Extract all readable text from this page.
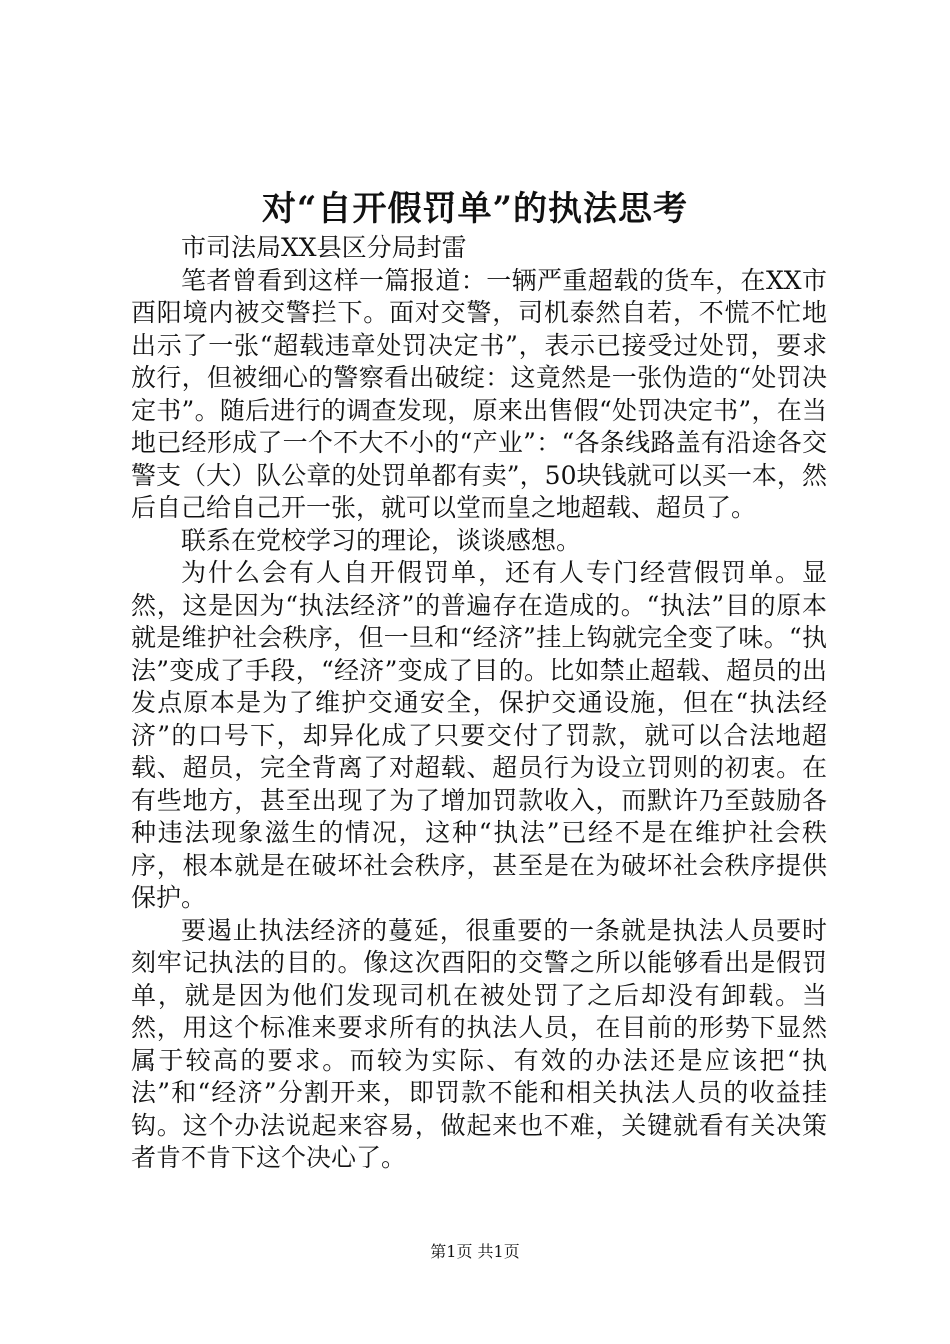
对“自开假罚单”的执法思考

市司法局XX县区分局封雷

笔者曾看到这样一篇报道：一辆严重超载的货车，在XX市酉阳境内被交警拦下。面对交警，司机泰然自若，不慌不忙地出示了一张“超载违章处罚决定书”，表示已接受过处罚，要求放行，但被细心的警察看出破绽：这竟然是一张伪造的“处罚决定书”。随后进行的调查发现，原来出售假“处罚决定书”，在当地已经形成了一个不大不小的“产业”：“各条线路盖有沿途各交警支（大）队公章的处罚单都有卖”，50块钱就可以买一本，然后自己给自己开一张，就可以堂而皇之地超载、超员了。

联系在党校学习的理论，谈谈感想。

为什么会有人自开假罚单，还有人专门经营假罚单。显然，这是因为“执法经济”的普遍存在造成的。“执法”目的原本就是维护社会秩序，但一旦和“经济”挂上钩就完全变了味。“执法”变成了手段，“经济”变成了目的。比如禁止超载、超员的出发点原本是为了维护交通安全，保护交通设施，但在“执法经济”的口号下，却异化成了只要交付了罚款，就可以合法地超载、超员，完全背离了对超载、超员行为设立罚则的初衷。在有些地方，甚至出现了为了增加罚款收入，而默许乃至鼓励各种违法现象滋生的情况，这种“执法”已经不是在维护社会秩序，根本就是在破坏社会秩序，甚至是在为破坏社会秩序提供保护。

要遏止执法经济的蔓延，很重要的一条就是执法人员要时刻牢记执法的目的。像这次酉阳的交警之所以能够看出是假罚单，就是因为他们发现司机在被处罚了之后却没有卸载。当然，用这个标准来要求所有的执法人员，在目前的形势下显然属于较高的要求。而较为实际、有效的办法还是应该把“执法”和“经济”分割开来，即罚款不能和相关执法人员的收益挂钩。这个办法说起来容易，做起来也不难，关键就看有关决策者肯不肯下这个决心了。

第1页 共1页
